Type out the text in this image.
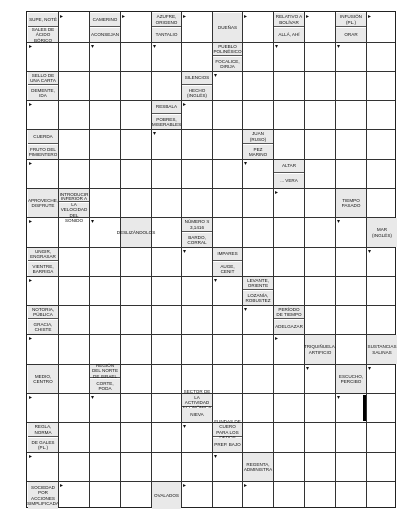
SUPE, NOTÉ
SALES DE ÁCIDO BÓRICO
CAMERINO
ACONSEJAN
AZUFRE, ORIGENO
TANTALIO
DUEÑAS
PUEBLO POLINÉSICO
FOCALICE, DIRIJA
RELATIVO A BOLÍVAR
ALLÁ, AHÍ
INFUSIÓN (PL.)
ORAR
SELLO DE UNA CARTA
DEMENTE, IDA
SILENCIOS
HECHO (INGLÉS)
RESBALA
POBRES, MISERABLES
CUERDA
FRUTO DEL PIMIENTERO
JUAN (RUSO)
PEZ MARINO
ALTAR
... VERA
APROVECHE, DISFRUTE
INTRODUCIR
INFERIOR A LA VELOCIDAD DEL SONIDO
TIEMPO PASADO
DESLIZÁNDOLOS
NÚMERO π 3,1416
BARDO, CORRAL
MAR (INGLÉS)
UNGIR, ENGRASAR
VIENTRE, BARRIGA
IMPARES
AUGE, CENIT
LEVANTE, ORIENTE
LOZANÍA, ROBUSTEZ
NOTORIA, PÚBLICA
GRACIA, CHISTE
PERÍODO DE TIEMPO
ADELGAZAR
TRIQUIÑUELA, ARTIFICIO
SUSTANCIAS SALINAS
MEDIO, CENTRO
REGIÓN DEL NORTE DE ISRAEL
CORTE, PODA
ESCUCHO, PERCIBO
SECTOR DE LA ACTIVIDAD
NIEVA
REGLA, NORMA
DE GALES (PL.)
FUNDAS DE CUERO PARA LOS
PREP. BAJO
REGENTA, ADMINISTRA
SOCIEDAD POR ACCIONES SIMPLIFICADA
OVALADOS
▸	▸	▸	▸	▸	▸
▸	▾	▾
▾
▾	▾
▸	▸
▾
▸	▾
▸
▾
▸	▾
▾
▾
▾
▸
▾
▸	▸
▾	▾
▾
▸	▾
▾
▸	▾
▸
▸	▸
